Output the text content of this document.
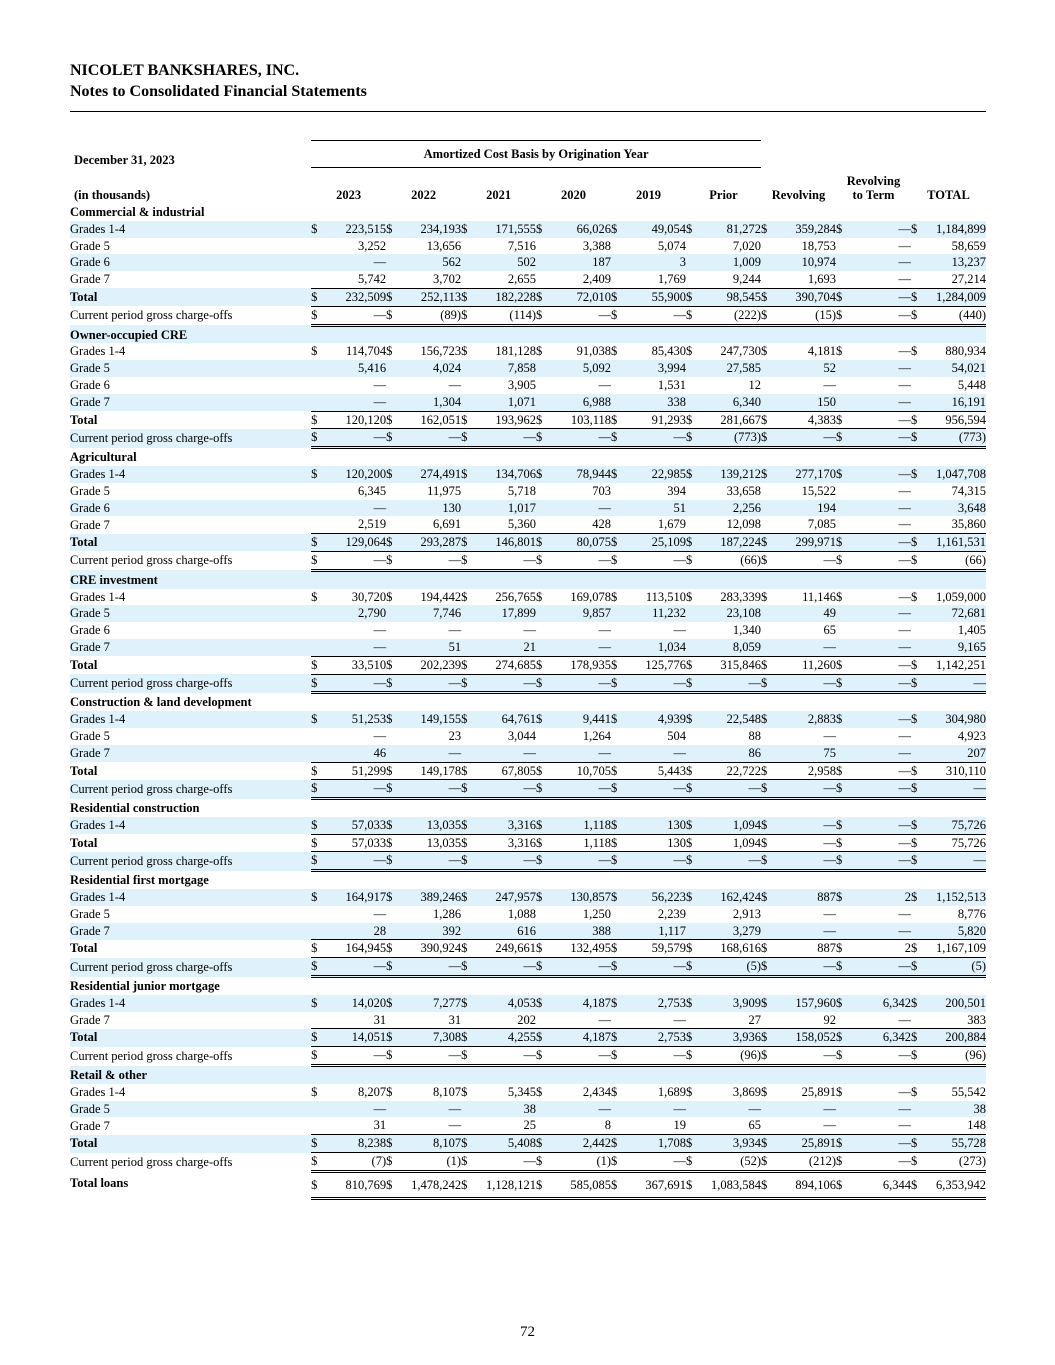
NICOLET BANKSHARES, INC.
Notes to Consolidated Financial Statements
December 31, 2023	Amortized Cost Basis by Origination Year																	
(in thousands)	2023		2022		2021		2020		2019		Prior		Revolving		Revolving
to Term		TOTAL	

Commercial & industrial																		
Grades 1-4	$	223,515	$	234,193	$	171,555	$	66,026	$	49,054	$	81,272	$	359,284	$	—	$	1,184,899
Grade 5		3,252		13,656		7,516		3,388		5,074		7,020		18,753		—		58,659
Grade 6		—		562		502		187		3		1,009		10,974		—		13,237
Grade 7		5,742		3,702		2,655		2,409		1,769		9,244		1,693		—		27,214
Total	$	232,509	$	252,113	$	182,228	$	72,010	$	55,900	$	98,545	$	390,704	$	—	$	1,284,009
Current period gross charge-offs	$	—	$	(89)	$	(114)	$	—	$	—	$	(222)	$	(15)	$	—	$	(440)
Owner-occupied CRE																		
Grades 1-4	$	114,704	$	156,723	$	181,128	$	91,038	$	85,430	$	247,730	$	4,181	$	—	$	880,934
Grade 5		5,416		4,024		7,858		5,092		3,994		27,585		52		—		54,021
Grade 6		—		—		3,905		—		1,531		12		—		—		5,448
Grade 7		—		1,304		1,071		6,988		338		6,340		150		—		16,191
Total	$	120,120	$	162,051	$	193,962	$	103,118	$	91,293	$	281,667	$	4,383	$	—	$	956,594
Current period gross charge-offs	$	—	$	—	$	—	$	—	$	—	$	(773)	$	—	$	—	$	(773)
Agricultural																		
Grades 1-4	$	120,200	$	274,491	$	134,706	$	78,944	$	22,985	$	139,212	$	277,170	$	—	$	1,047,708
Grade 5		6,345		11,975		5,718		703		394		33,658		15,522		—		74,315
Grade 6		—		130		1,017		—		51		2,256		194		—		3,648
Grade 7		2,519		6,691		5,360		428		1,679		12,098		7,085		—		35,860
Total	$	129,064	$	293,287	$	146,801	$	80,075	$	25,109	$	187,224	$	299,971	$	—	$	1,161,531
Current period gross charge-offs	$	—	$	—	$	—	$	—	$	—	$	(66)	$	—	$	—	$	(66)
CRE investment																		
Grades 1-4	$	30,720	$	194,442	$	256,765	$	169,078	$	113,510	$	283,339	$	11,146	$	—	$	1,059,000
Grade 5		2,790		7,746		17,899		9,857		11,232		23,108		49		—		72,681
Grade 6		—		—		—		—		—		1,340		65		—		1,405
Grade 7		—		51		21		—		1,034		8,059		—		—		9,165
Total	$	33,510	$	202,239	$	274,685	$	178,935	$	125,776	$	315,846	$	11,260	$	—	$	1,142,251
Current period gross charge-offs	$	—	$	—	$	—	$	—	$	—	$	—	$	—	$	—	$	—
Construction & land development																		
Grades 1-4	$	51,253	$	149,155	$	64,761	$	9,441	$	4,939	$	22,548	$	2,883	$	—	$	304,980
Grade 5		—		23		3,044		1,264		504		88		—		—		4,923
Grade 7		46		—		—		—		—		86		75		—		207
Total	$	51,299	$	149,178	$	67,805	$	10,705	$	5,443	$	22,722	$	2,958	$	—	$	310,110
Current period gross charge-offs	$	—	$	—	$	—	$	—	$	—	$	—	$	—	$	—	$	—
Residential construction																		
Grades 1-4	$	57,033	$	13,035	$	3,316	$	1,118	$	130	$	1,094	$	—	$	—	$	75,726
Total	$	57,033	$	13,035	$	3,316	$	1,118	$	130	$	1,094	$	—	$	—	$	75,726
Current period gross charge-offs	$	—	$	—	$	—	$	—	$	—	$	—	$	—	$	—	$	—
Residential first mortgage																		
Grades 1-4	$	164,917	$	389,246	$	247,957	$	130,857	$	56,223	$	162,424	$	887	$	2	$	1,152,513
Grade 5		—		1,286		1,088		1,250		2,239		2,913		—		—		8,776
Grade 7		28		392		616		388		1,117		3,279		—		—		5,820
Total	$	164,945	$	390,924	$	249,661	$	132,495	$	59,579	$	168,616	$	887	$	2	$	1,167,109
Current period gross charge-offs	$	—	$	—	$	—	$	—	$	—	$	(5)	$	—	$	—	$	(5)
Residential junior mortgage																		
Grades 1-4	$	14,020	$	7,277	$	4,053	$	4,187	$	2,753	$	3,909	$	157,960	$	6,342	$	200,501
Grade 7		31		31		202		—		—		27		92		—		383
Total	$	14,051	$	7,308	$	4,255	$	4,187	$	2,753	$	3,936	$	158,052	$	6,342	$	200,884
Current period gross charge-offs	$	—	$	—	$	—	$	—	$	—	$	(96)	$	—	$	—	$	(96)
Retail & other																		
Grades 1-4	$	8,207	$	8,107	$	5,345	$	2,434	$	1,689	$	3,869	$	25,891	$	—	$	55,542
Grade 5		—		—		38		—		—		—		—		—		38
Grade 7		31		—		25		8		19		65		—		—		148
Total	$	8,238	$	8,107	$	5,408	$	2,442	$	1,708	$	3,934	$	25,891	$	—	$	55,728
Current period gross charge-offs	$	(7)	$	(1)	$	—	$	(1)	$	—	$	(52)	$	(212)	$	—	$	(273)
Total loans	$	810,769	$	1,478,242	$	1,128,121	$	585,085	$	367,691	$	1,083,584	$	894,106	$	6,344	$	6,353,942
72
